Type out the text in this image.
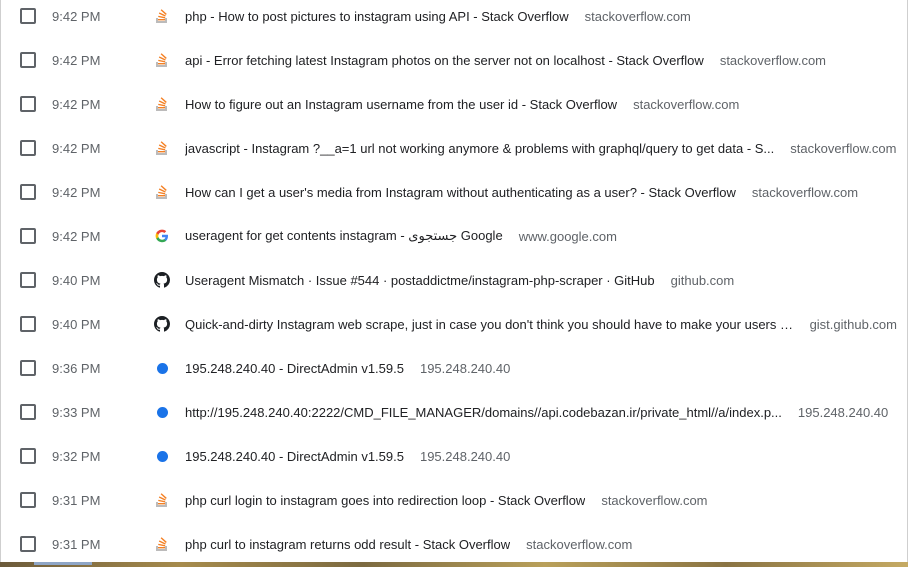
9:42 PM	php - How to post pictures to instagram using API - Stack Overflow stackoverflow.com
9:42 PM	api - Error fetching latest Instagram photos on the server not on localhost - Stack Overflow stackoverflow.com
9:42 PM	How to figure out an Instagram username from the user id - Stack Overflow stackoverflow.com
9:42 PM	javascript - Instagram ?__a=1 url not working anymore & problems with graphql/query to get data - S... stackoverflow.com
9:42 PM	How can I get a user's media from Instagram without authenticating as a user? - Stack Overflow stackoverflow.com
9:42 PM	useragent for get contents instagram - جستجوی Google www.google.com
9:40 PM	Useragent Mismatch · Issue #544 · postaddictme/instagram-php-scraper · GitHub github.com
9:40 PM	Quick-and-dirty Instagram web scrape, just in case you don't think you should have to make your users l...	gist.github.com
9:36 PM	195.248.240.40 - DirectAdmin v1.59.5 195.248.240.40
9:33 PM	http://195.248.240.40:2222/CMD_FILE_MANAGER/domains//api.codebazan.ir/private_html//a/index.p... 195.248.240.40
9:32 PM	195.248.240.40 - DirectAdmin v1.59.5 195.248.240.40
9:31 PM	php curl login to instagram goes into redirection loop - Stack Overflow stackoverflow.com
9:31 PM	php curl to instagram returns odd result - Stack Overflow stackoverflow.com
